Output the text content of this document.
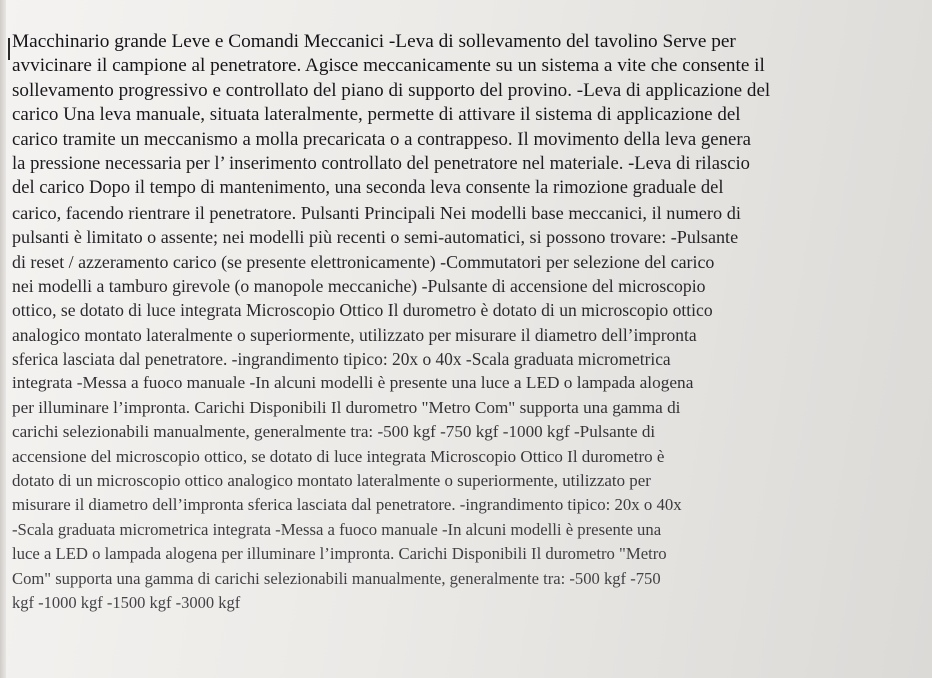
Macchinario grande Leve e Comandi Meccanici -Leva di sollevamento del tavolino Serve per
avvicinare il campione al penetratore. Agisce meccanicamente su un sistema a vite che consente il
sollevamento progressivo e controllato del piano di supporto del provino. -Leva di applicazione del
carico Una leva manuale, situata lateralmente, permette di attivare il sistema di applicazione del
carico tramite un meccanismo a molla precaricata o a contrappeso. Il movimento della leva genera
la pressione necessaria per l’ inserimento controllato del penetratore nel materiale. -Leva di rilascio
del carico Dopo il tempo di mantenimento, una seconda leva consente la rimozione graduale del
carico, facendo rientrare il penetratore. Pulsanti Principali Nei modelli base meccanici, il numero di
pulsanti è limitato o assente; nei modelli più recenti o semi-automatici, si possono trovare: -Pulsante
di reset / azzeramento carico (se presente elettronicamente) -Commutatori per selezione del carico
nei modelli a tamburo girevole (o manopole meccaniche) -Pulsante di accensione del microscopio
ottico, se dotato di luce integrata Microscopio Ottico Il durometro è dotato di un microscopio ottico
analogico montato lateralmente o superiormente, utilizzato per misurare il diametro dell’impronta
sferica lasciata dal penetratore. -ingrandimento tipico: 20x o 40x -Scala graduata micrometrica
integrata -Messa a fuoco manuale -In alcuni modelli è presente una luce a LED o lampada alogena
per illuminare l’impronta. Carichi Disponibili Il durometro "Metro Com" supporta una gamma di
carichi selezionabili manualmente, generalmente tra: -500 kgf -750 kgf -1000 kgf -Pulsante di
accensione del microscopio ottico, se dotato di luce integrata Microscopio Ottico Il durometro è
dotato di un microscopio ottico analogico montato lateralmente o superiormente, utilizzato per
misurare il diametro dell’impronta sferica lasciata dal penetratore. -ingrandimento tipico: 20x o 40x
-Scala graduata micrometrica integrata -Messa a fuoco manuale -In alcuni modelli è presente una
luce a LED o lampada alogena per illuminare l’impronta. Carichi Disponibili Il durometro "Metro
Com" supporta una gamma di carichi selezionabili manualmente, generalmente tra: -500 kgf -750
kgf -1000 kgf -1500 kgf -3000 kgf
